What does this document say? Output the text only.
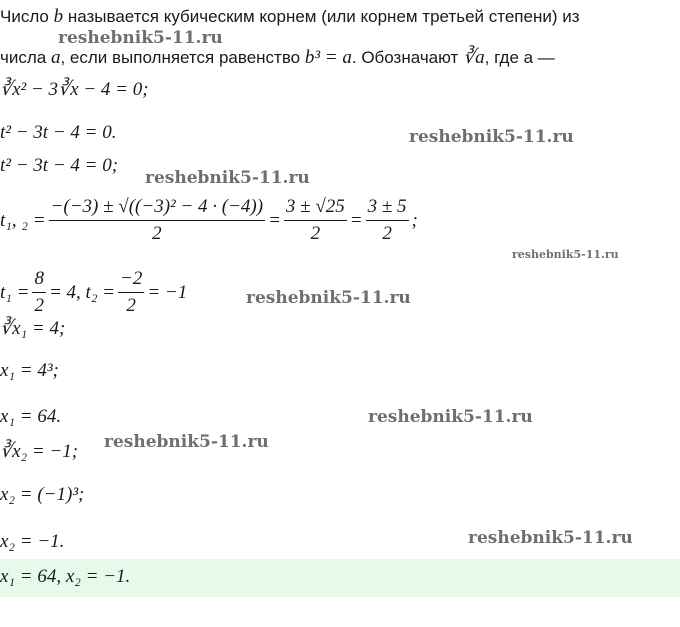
Число b называется кубическим корнем (или корнем третьей степени) из
числа a, если выполняется равенство b³ = a. Обозначают ∛a, где a —
∛x² − 3∛x − 4 = 0;
t² − 3t − 4 = 0.
t² − 3t − 4 = 0;
t₁, $_2 = \frac{\text{−(−3) ± √((−3)² − 4 · (−4))}}{2} = \frac{3 \pm √25}{2} = \frac{3 \pm 5}{2}$ ;
$t_1 = \frac{8}{2} = 4$, $t_2 = \frac{-2}{2} = -1$
∛x₁ = 4;
x₁ = 4³;
x₁ = 64.
∛x₂ = −1;
x₂ = (−1)³;
x₂ = −1.
x₁ = 64, x₂ = −1.
reshebnik5-11.ru
reshebnik5-11.ru
reshebnik5-11.ru
reshebnik5-11.ru
reshebnik5-11.ru
reshebnik5-11.ru
reshebnik5-11.ru
reshebnik5-11.ru
